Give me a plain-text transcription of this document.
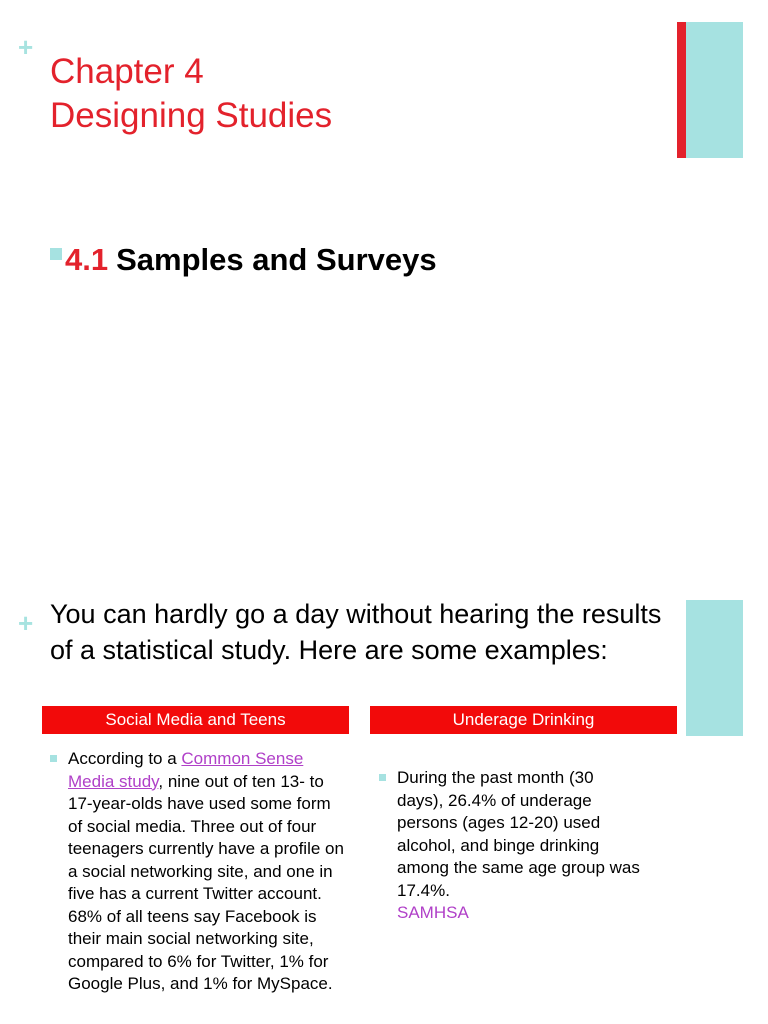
+
Chapter 4
Designing Studies
4.1 Samples and Surveys
+ You can hardly go a day without hearing the results of a statistical study. Here are some examples:

Social Media and Teens	Underage Drinking
According to a Common Sense Media study, nine out of ten 13- to 17-year-olds have used some form of social media. Three out of four teenagers currently have a profile on a social networking site, and one in five has a current Twitter account. 68% of all teens say Facebook is their main social networking site, compared to 6% for Twitter, 1% for Google Plus, and 1% for MySpace.
During the past month (30 days), 26.4% of underage persons (ages 12-20) used alcohol, and binge drinking among the same age group was 17.4%.
SAMHSA
